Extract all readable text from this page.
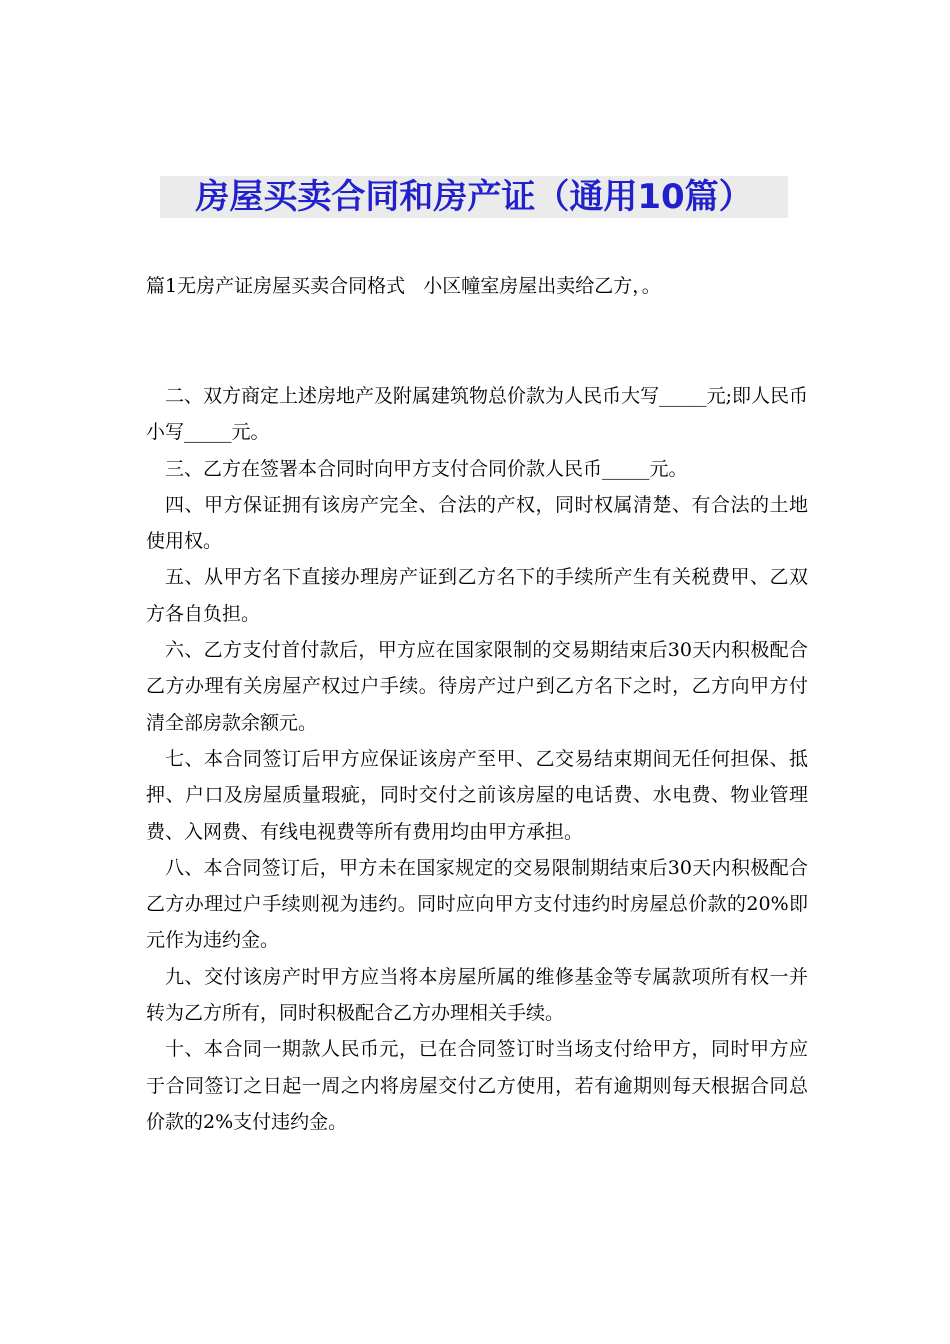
房屋买卖合同和房产证（通用10篇）
篇1无房产证房屋买卖合同格式   小区幢室房屋出卖给乙方，。

二、双方商定上述房地产及附属建筑物总价款为人民币大写_____元;即人民币小写_____元。

三、乙方在签署本合同时向甲方支付合同价款人民币_____元。

四、甲方保证拥有该房产完全、合法的产权，同时权属清楚、有合法的土地使用权。

五、从甲方名下直接办理房产证到乙方名下的手续所产生有关税费甲、乙双方各自负担。

六、乙方支付首付款后，甲方应在国家限制的交易期结束后30天内积极配合乙方办理有关房屋产权过户手续。待房产过户到乙方名下之时，乙方向甲方付清全部房款余额元。

七、本合同签订后甲方应保证该房产至甲、乙交易结束期间无任何担保、抵押、户口及房屋质量瑕疵，同时交付之前该房屋的电话费、水电费、物业管理费、入网费、有线电视费等所有费用均由甲方承担。

八、本合同签订后，甲方未在国家规定的交易限制期结束后30天内积极配合乙方办理过户手续则视为违约。同时应向甲方支付违约时房屋总价款的20%即元作为违约金。

九、交付该房产时甲方应当将本房屋所属的维修基金等专属款项所有权一并转为乙方所有，同时积极配合乙方办理相关手续。

十、本合同一期款人民币元，已在合同签订时当场支付给甲方，同时甲方应于合同签订之日起一周之内将房屋交付乙方使用，若有逾期则每天根据合同总价款的2%支付违约金。
